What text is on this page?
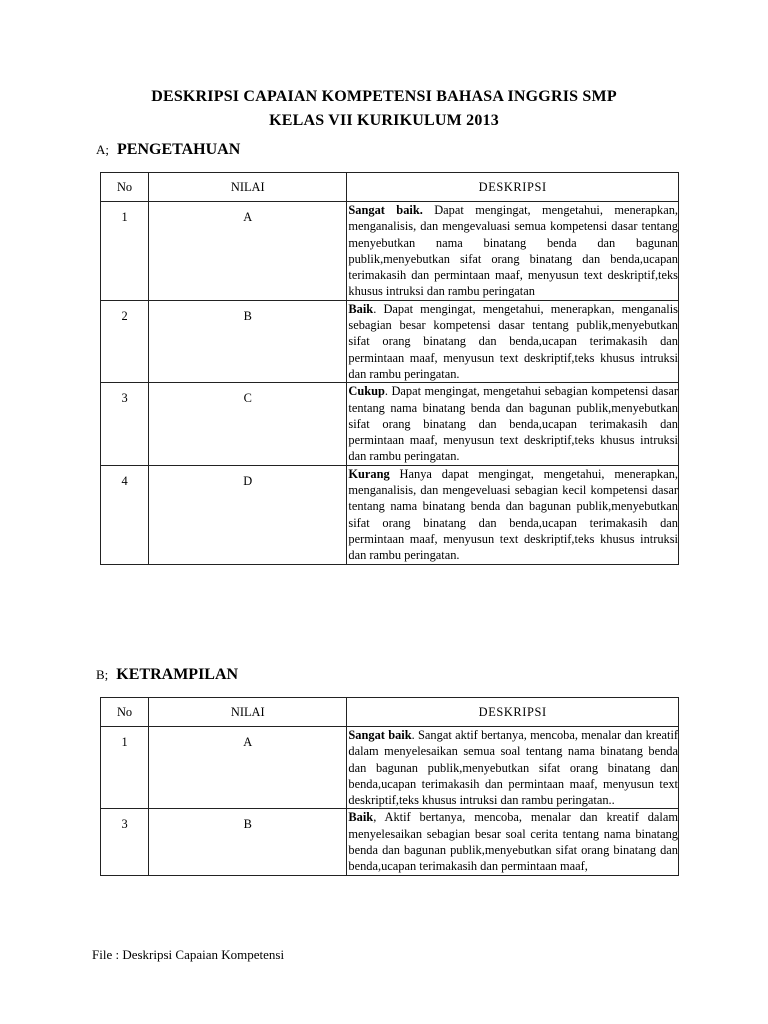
DESKRIPSI CAPAIAN KOMPETENSI BAHASA INGGRIS SMP
KELAS VII KURIKULUM 2013
A; PENGETAHUAN
No	NILAI	DESKRIPSI
1	A	Sangat baik. Dapat mengingat, mengetahui, menerapkan, menganalisis, dan mengevaluasi semua kompetensi dasar tentang menyebutkan nama binatang benda dan bagunan publik,menyebutkan sifat orang binatang dan benda,ucapan terimakasih dan permintaan maaf, menyusun text deskriptif,teks khusus intruksi dan rambu peringatan

2	B	Baik. Dapat mengingat, mengetahui, menerapkan, menganalis sebagian besar kompetensi dasar tentang publik,menyebutkan sifat orang binatang dan benda,ucapan terimakasih dan permintaan maaf, menyusun text deskriptif,teks khusus intruksi dan rambu peringatan.

3	C	Cukup. Dapat mengingat, mengetahui sebagian kompetensi dasar tentang nama binatang benda dan bagunan publik,menyebutkan sifat orang binatang dan benda,ucapan terimakasih dan permintaan maaf, menyusun text deskriptif,teks khusus intruksi dan rambu peringatan.

4	D	Kurang Hanya dapat mengingat, mengetahui, menerapkan, menganalisis, dan mengeveluasi sebagian kecil kompetensi dasar tentang nama binatang benda dan bagunan publik,menyebutkan sifat orang binatang dan benda,ucapan terimakasih dan permintaan maaf, menyusun text deskriptif,teks khusus intruksi dan rambu peringatan.
B; KETRAMPILAN
No	NILAI	DESKRIPSI
1	A	Sangat baik. Sangat aktif bertanya, mencoba, menalar dan kreatif dalam menyelesaikan semua soal tentang nama binatang benda dan bagunan publik,menyebutkan sifat orang binatang dan benda,ucapan terimakasih dan permintaan maaf, menyusun text deskriptif,teks khusus intruksi dan rambu peringatan..

3	B	Baik, Aktif bertanya, mencoba, menalar dan kreatif dalam menyelesaikan sebagian besar soal cerita tentang nama binatang benda dan bagunan publik,menyebutkan sifat orang binatang dan benda,ucapan terimakasih dan permintaan maaf,
File : Deskripsi Capaian Kompetensi
